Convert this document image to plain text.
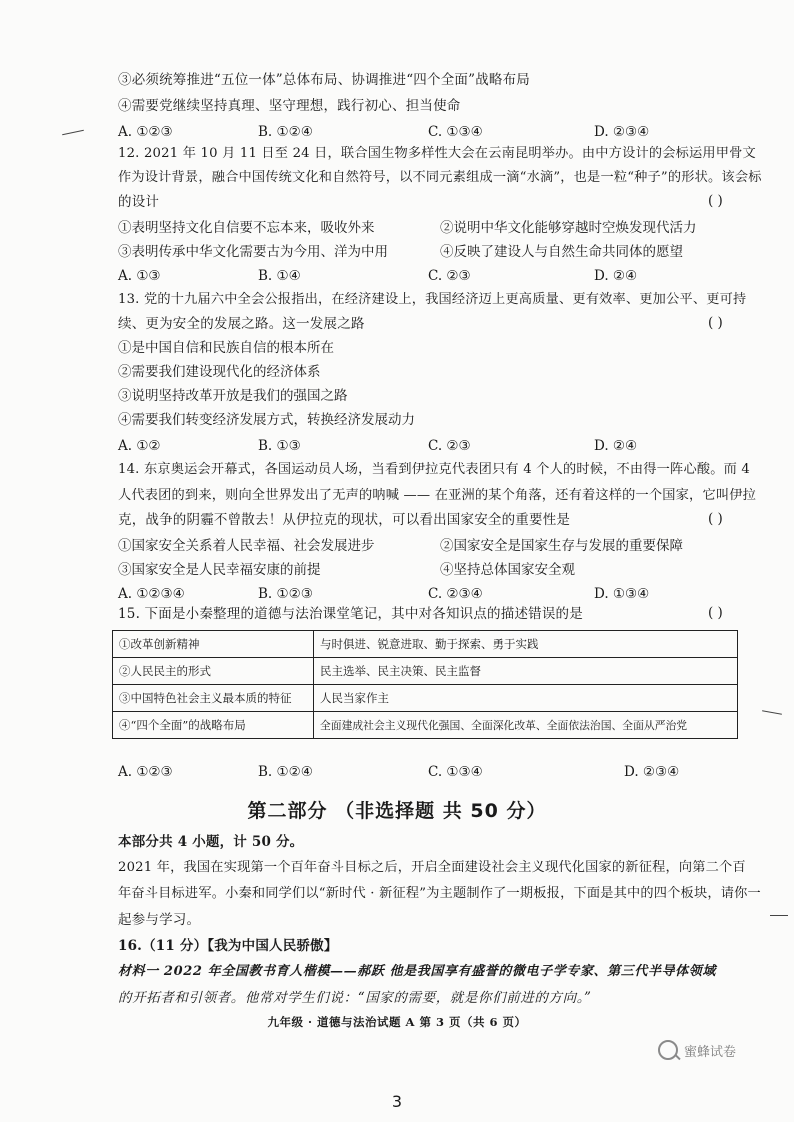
③必须统筹推进“五位一体”总体布局、协调推进“四个全面”战略布局
④需要党继续坚持真理、坚守理想，践行初心、担当使命
A. ①②③	B. ①②④	C. ①③④	D. ②③④
12. 2021 年 10 月 11 日至 24 日，联合国生物多样性大会在云南昆明举办。由中方设计的会标运用甲骨文
作为设计背景，融合中国传统文化和自然符号，以不同元素组成一滴“水滴”，也是一粒“种子”的形状。该会标
的设计	( )
①表明坚持文化自信要不忘本来，吸收外来	②说明中华文化能够穿越时空焕发现代活力
③表明传承中华文化需要古为今用、洋为中用	④反映了建设人与自然生命共同体的愿望
A. ①③	B. ①④	C. ②③	D. ②④
13. 党的十九届六中全会公报指出，在经济建设上，我国经济迈上更高质量、更有效率、更加公平、更可持
续、更为安全的发展之路。这一发展之路	( )
①是中国自信和民族自信的根本所在
②需要我们建设现代化的经济体系
③说明坚持改革开放是我们的强国之路
④需要我们转变经济发展方式，转换经济发展动力
A. ①②	B. ①③	C. ②③	D. ②④
14. 东京奥运会开幕式，各国运动员人场，当看到伊拉克代表团只有 4 个人的时候，不由得一阵心酸。而 4
人代表团的到来，则向全世界发出了无声的呐喊 —— 在亚洲的某个角落，还有着这样的一个国家，它叫伊拉
克，战争的阴霾不曾散去！从伊拉克的现状，可以看出国家安全的重要性是	( )
①国家安全关系着人民幸福、社会发展进步	②国家安全是国家生存与发展的重要保障
③国家安全是人民幸福安康的前提	④坚持总体国家安全观
A. ①②③④	B. ①②③	C. ②③④	D. ①③④
15. 下面是小秦整理的道德与法治课堂笔记，其中对各知识点的描述错误的是	( )
①改革创新精神	与时俱进、锐意进取、勤于探索、勇于实践
②人民民主的形式	民主选举、民主决策、民主监督
③中国特色社会主义最本质的特征	人民当家作主
④“四个全面”的战略布局	全面建成社会主义现代化强国、全面深化改革、全面依法治国、全面从严治党
A. ①②③	B. ①②④	C. ①③④	D. ②③④
第二部分 （非选择题 共 50 分）
本部分共 4 小题，计 50 分。
2021 年，我国在实现第一个百年奋斗目标之后，开启全面建设社会主义现代化国家的新征程，向第二个百
年奋斗目标进军。小秦和同学们以“新时代 · 新征程”为主题制作了一期板报，下面是其中的四个板块，请你一
起参与学习。
16.（11 分）【我为中国人民骄傲】
材料一 2022 年全国教书育人楷模——郝跃 他是我国享有盛誉的微电子学专家、第三代半导体领域
的开拓者和引领者。他常对学生们说：“国家的需要，就是你们前进的方向。”
九年级 · 道德与法治试题 A 第 3 页（共 6 页）
蜜蜂试卷
3
